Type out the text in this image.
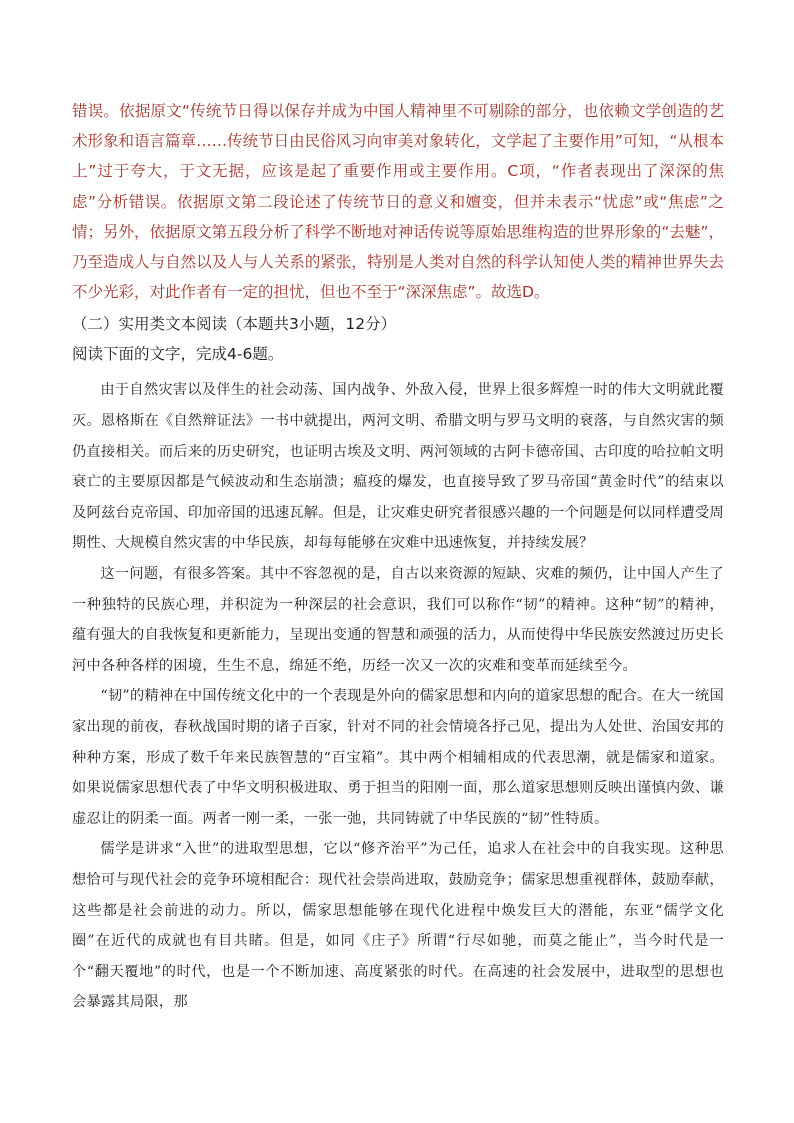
错误。依据原文“传统节日得以保存并成为中国人精神里不可剔除的部分，也依赖文学创造的艺术形象和语言篇章……传统节日由民俗风习向审美对象转化，文学起了主要作用”可知，“从根本上”过于夸大，于文无据，应该是起了重要作用或主要作用。C项，“作者表现出了深深的焦虑”分析错误。依据原文第二段论述了传统节日的意义和嬗变，但并未表示“忧虑”或“焦虑”之情；另外，依据原文第五段分析了科学不断地对神话传说等原始思维构造的世界形象的“去魅”，乃至造成人与自然以及人与人关系的紧张，特别是人类对自然的科学认知使人类的精神世界失去不少光彩，对此作者有一定的担忧，但也不至于“深深焦虑”。故选D。

（二）实用类文本阅读（本题共3小题，12分）

阅读下面的文字，完成4-6题。

由于自然灾害以及伴生的社会动荡、国内战争、外敌入侵，世界上很多辉煌一时的伟大文明就此覆灭。恩格斯在《自然辩证法》一书中就提出，两河文明、希腊文明与罗马文明的衰落，与自然灾害的频仍直接相关。而后来的历史研究，也证明古埃及文明、两河领域的古阿卡德帝国、古印度的哈拉帕文明衰亡的主要原因都是气候波动和生态崩溃；瘟疫的爆发，也直接导致了罗马帝国“黄金时代”的结束以及阿兹台克帝国、印加帝国的迅速瓦解。但是，让灾难史研究者很感兴趣的一个问题是何以同样遭受周期性、大规模自然灾害的中华民族，却每每能够在灾难中迅速恢复，并持续发展？

这一问题，有很多答案。其中不容忽视的是，自古以来资源的短缺、灾难的频仍，让中国人产生了一种独特的民族心理，并积淀为一种深层的社会意识，我们可以称作“韧”的精神。这种“韧”的精神，蕴有强大的自我恢复和更新能力，呈现出变通的智慧和顽强的活力，从而使得中华民族安然渡过历史长河中各种各样的困境，生生不息，绵延不绝，历经一次又一次的灾难和变革而延续至今。

“韧”的精神在中国传统文化中的一个表现是外向的儒家思想和内向的道家思想的配合。在大一统国家出现的前夜，春秋战国时期的诸子百家，针对不同的社会情境各抒己见，提出为人处世、治国安邦的种种方案，形成了数千年来民族智慧的“百宝箱”。其中两个相辅相成的代表思潮，就是儒家和道家。如果说儒家思想代表了中华文明积极进取、勇于担当的阳刚一面，那么道家思想则反映出谨慎内敛、谦虚忍让的阴柔一面。两者一刚一柔，一张一弛，共同铸就了中华民族的“韧”性特质。

儒学是讲求“入世”的进取型思想，它以“修齐治平”为己任，追求人在社会中的自我实现。这种思想恰可与现代社会的竞争环境相配合：现代社会崇尚进取，鼓励竞争；儒家思想重视群体，鼓励奉献，这些都是社会前进的动力。所以，儒家思想能够在现代化进程中焕发巨大的潜能，东亚“儒学文化圈”在近代的成就也有目共睹。但是，如同《庄子》所谓“行尽如驰，而莫之能止”，当今时代是一个“翻天覆地”的时代，也是一个不断加速、高度紧张的时代。在高速的社会发展中，进取型的思想也会暴露其局限，那
